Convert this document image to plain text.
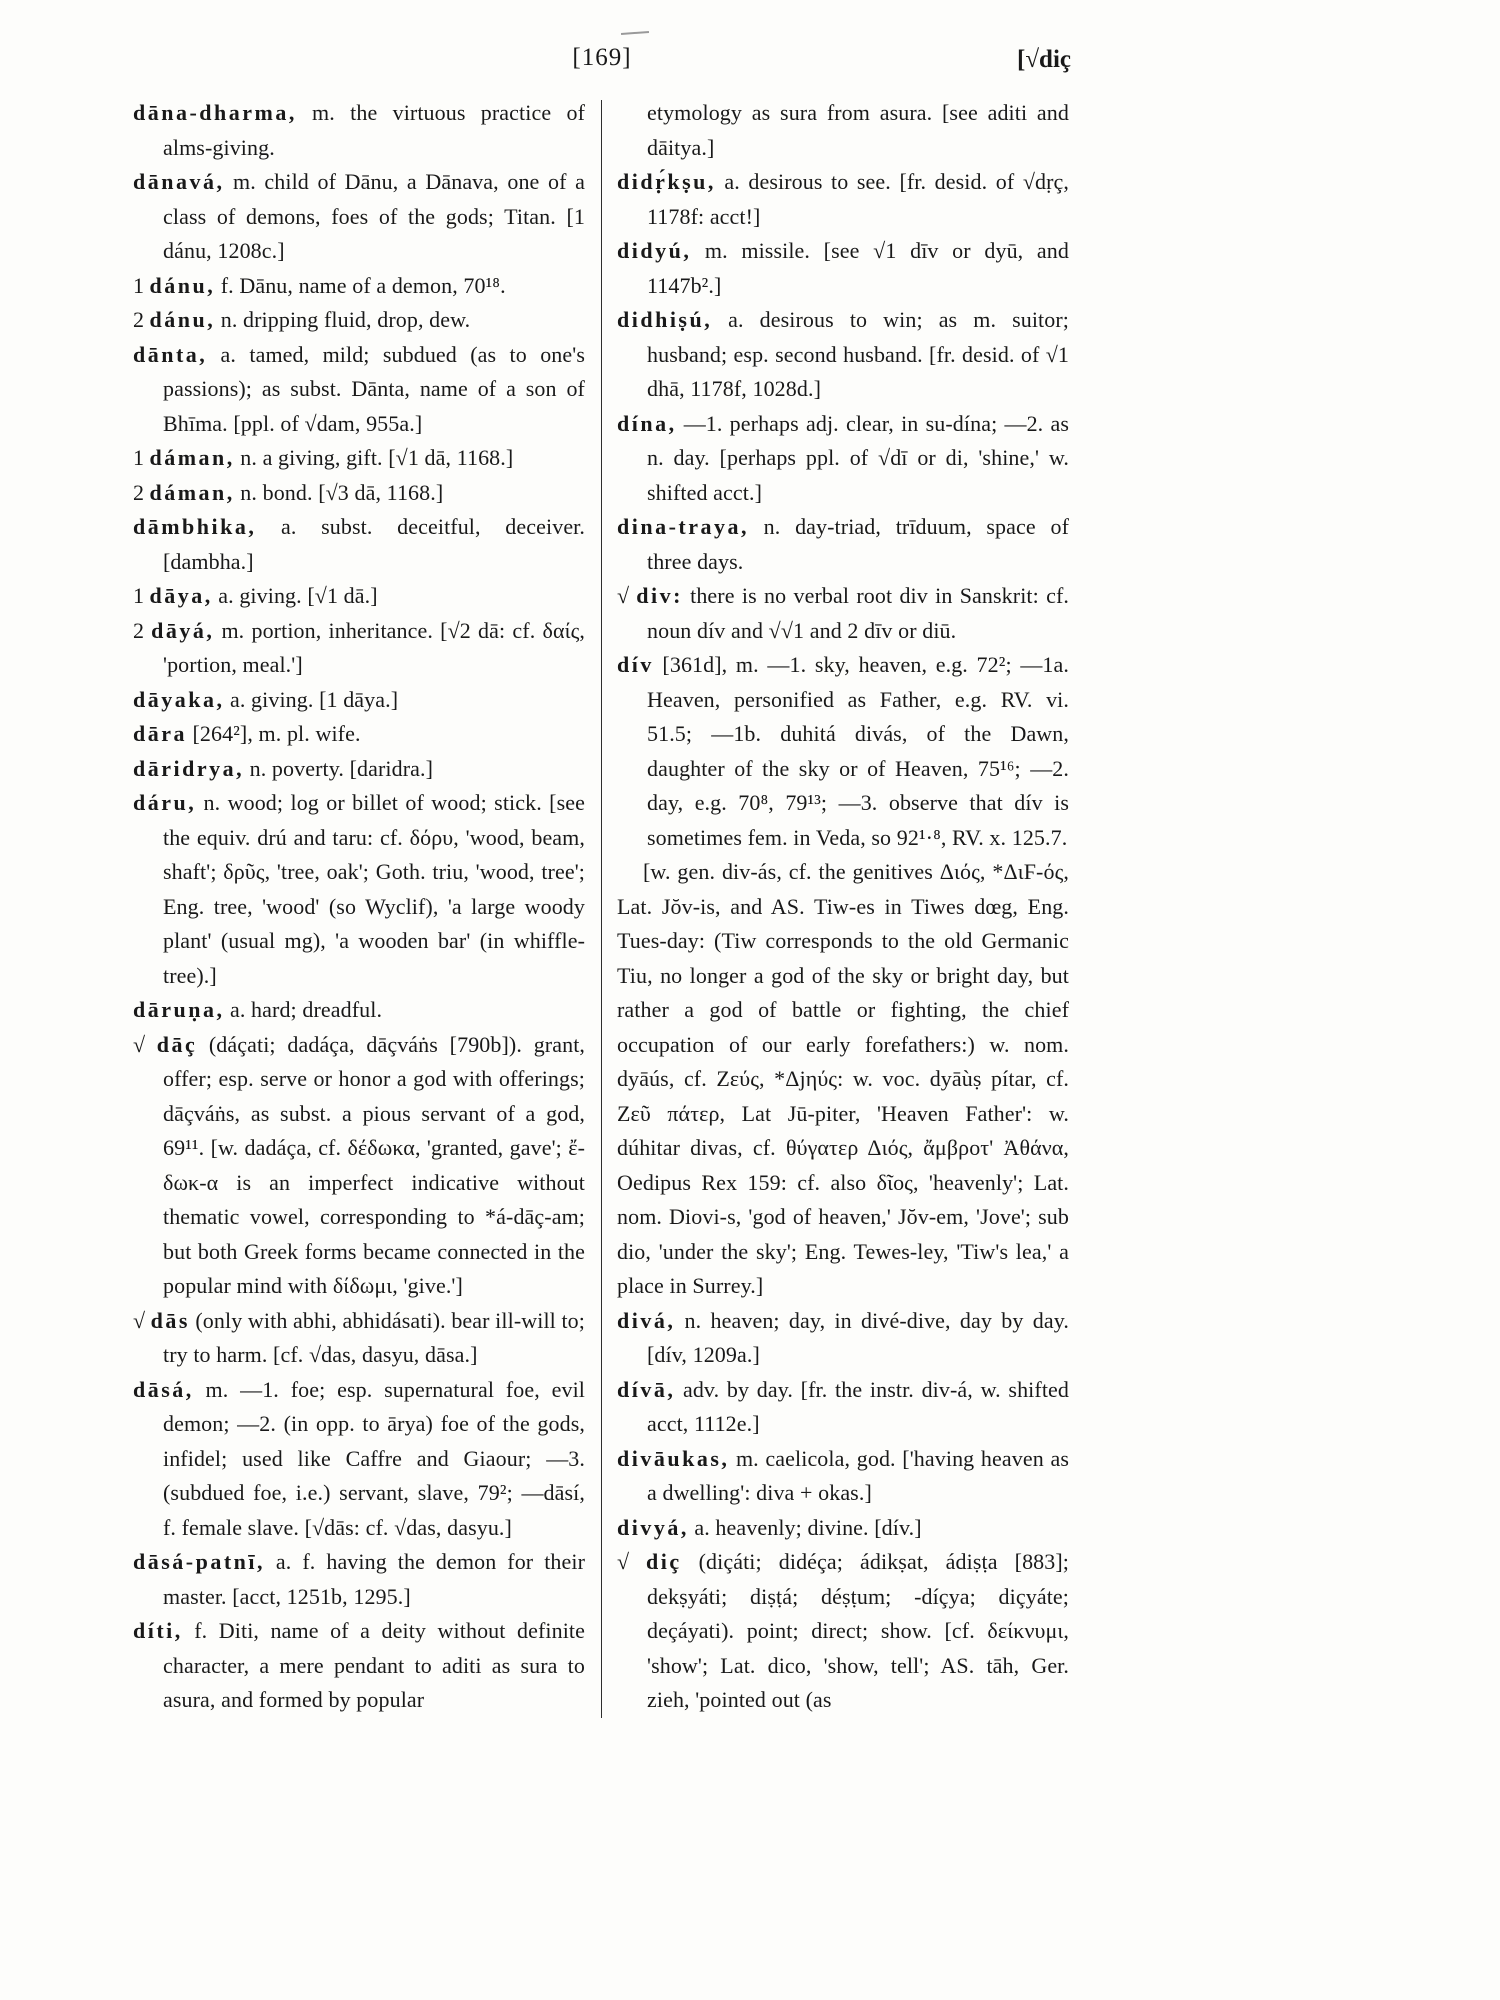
[169]	[√diç

dāna-dharma, m. the virtuous practice of alms-giving.

dānavá, m. child of Dānu, a Dānava, one of a class of demons, foes of the gods; Titan. [1 dánu, 1208c.]

1 dánu, f. Dānu, name of a demon, 70¹⁸.

2 dánu, n. dripping fluid, drop, dew.

dānta, a. tamed, mild; subdued (as to one's passions); as subst. Dānta, name of a son of Bhīma. [ppl. of √dam, 955a.]

1 dáman, n. a giving, gift. [√1 dā, 1168.]

2 dáman, n. bond. [√3 dā, 1168.]

dāmbhika, a. subst. deceitful, deceiver. [dambha.]

1 dāya, a. giving. [√1 dā.]

2 dāyá, m. portion, inheritance. [√2 dā: cf. δαίς, 'portion, meal.']

dāyaka, a. giving. [1 dāya.]

dāra [264²], m. pl. wife.

dāridrya, n. poverty. [daridra.]

dáru, n. wood; log or billet of wood; stick. [see the equiv. drú and taru: cf. δόρυ, 'wood, beam, shaft'; δρῦς, 'tree, oak'; Goth. triu, 'wood, tree'; Eng. tree, 'wood' (so Wyclif), 'a large woody plant' (usual mg), 'a wooden bar' (in whiffle-tree).]

dāruṇa, a. hard; dreadful.

√ dāç (dáçati; dadáça, dāçváṅs [790b]). grant, offer; esp. serve or honor a god with offerings; dāçváṅs, as subst. a pious servant of a god, 69¹¹. [w. dadáça, cf. δέδωκα, 'granted, gave'; ἔ-δωκ-α is an imperfect indicative without thematic vowel, corresponding to *á-dāç-am; but both Greek forms became connected in the popular mind with δίδωμι, 'give.']

√ dās (only with abhi, abhidásati). bear ill-will to; try to harm. [cf. √das, dasyu, dāsa.]

dāsá, m. —1. foe; esp. supernatural foe, evil demon; —2. (in opp. to ārya) foe of the gods, infidel; used like Caffre and Giaour; —3. (subdued foe, i.e.) servant, slave, 79²; —dāsí, f. female slave. [√dās: cf. √das, dasyu.]

dāsá-patnī, a. f. having the demon for their master. [acct, 1251b, 1295.]

díti, f. Diti, name of a deity without definite character, a mere pendant to aditi as sura to asura, and formed by popular

etymology as sura from asura. [see aditi and dāitya.]

didṛ́kṣu, a. desirous to see. [fr. desid. of √dṛç, 1178f: acct!]

didyú, m. missile. [see √1 dīv or dyū, and 1147b².]

didhiṣú, a. desirous to win; as m. suitor; husband; esp. second husband. [fr. desid. of √1 dhā, 1178f, 1028d.]

dína, —1. perhaps adj. clear, in su-dína; —2. as n. day. [perhaps ppl. of √dī or di, 'shine,' w. shifted acct.]

dina-traya, n. day-triad, trīduum, space of three days.

√ div: there is no verbal root div in Sanskrit: cf. noun dív and √√1 and 2 dīv or diū.

dív [361d], m. —1. sky, heaven, e.g. 72²; —1a. Heaven, personified as Father, e.g. RV. vi. 51.5; —1b. duhitá divás, of the Dawn, daughter of the sky or of Heaven, 75¹⁶; —2. day, e.g. 70⁸, 79¹³; —3. observe that dív is sometimes fem. in Veda, so 92¹·⁸, RV. x. 125.7.

[w. gen. div-ás, cf. the genitives Διός, *ΔιϜ-ός, Lat. Jŏv-is, and AS. Tiw-es in Tiwes dœg, Eng. Tues-day: (Tiw corresponds to the old Germanic Tiu, no longer a god of the sky or bright day, but rather a god of battle or fighting, the chief occupation of our early forefathers:) w. nom. dyāús, cf. Ζεύς, *Δjηύς: w. voc. dyāùṣ pítar, cf. Ζεῦ πάτερ, Lat Jū-piter, 'Heaven Father': w. dúhitar divas, cf. θύγατερ Διός, ἄμβροτ' Ἀθάνα, Oedipus Rex 159: cf. also δῖος, 'heavenly'; Lat. nom. Diovi-s, 'god of heaven,' Jŏv-em, 'Jove'; sub dio, 'under the sky'; Eng. Tewes-ley, 'Tiw's lea,' a place in Surrey.]

divá, n. heaven; day, in divé-dive, day by day. [dív, 1209a.]

dívā, adv. by day. [fr. the instr. div-á, w. shifted acct, 1112e.]

divāukas, m. caelicola, god. ['having heaven as a dwelling': diva + okas.]

divyá, a. heavenly; divine. [dív.]

√ diç (diçáti; didéça; ádikṣat, ádiṣṭa [883]; dekṣyáti; diṣṭá; déṣṭum; -díçya; diçyáte; deçáyati). point; direct; show. [cf. δείκνυμι, 'show'; Lat. dico, 'show, tell'; AS. tāh, Ger. zieh, 'pointed out (as
